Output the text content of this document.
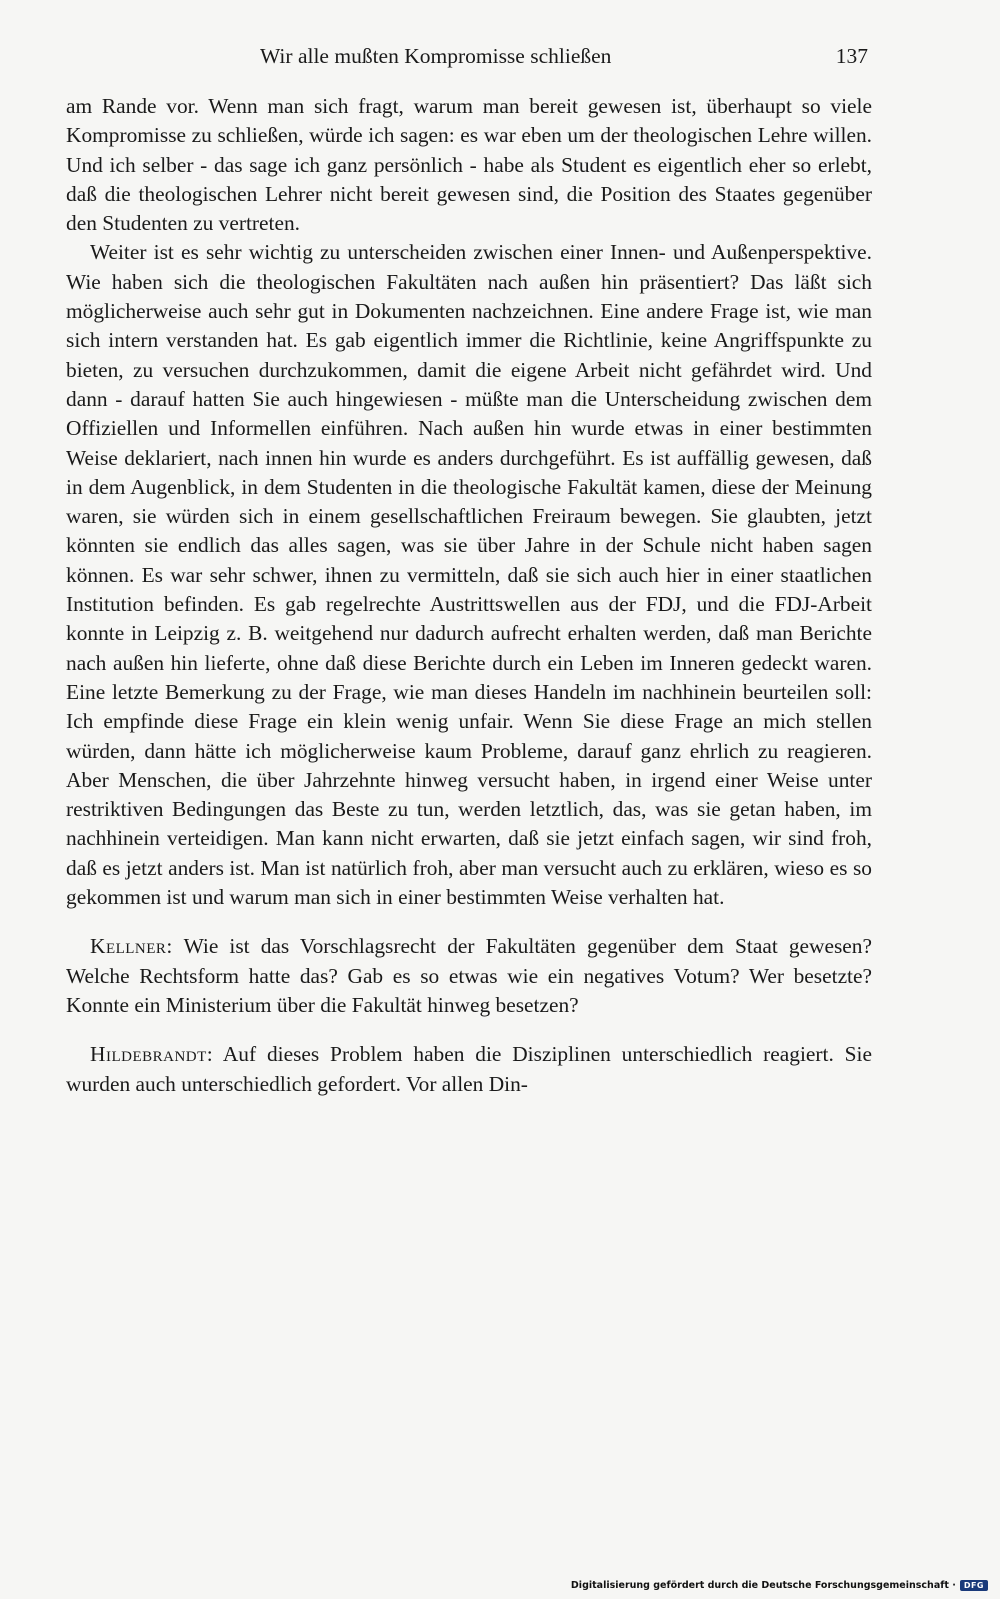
Wir alle mußten Kompromisse schließen	137

am Rande vor. Wenn man sich fragt, warum man bereit gewesen ist, überhaupt so viele Kompromisse zu schließen, würde ich sagen: es war eben um der theologischen Lehre willen. Und ich selber - das sage ich ganz persönlich - habe als Student es eigentlich eher so erlebt, daß die theologischen Lehrer nicht bereit gewesen sind, die Position des Staates gegenüber den Studenten zu vertreten.

Weiter ist es sehr wichtig zu unterscheiden zwischen einer Innen- und Außenperspektive. Wie haben sich die theologischen Fakultäten nach außen hin präsentiert? Das läßt sich möglicherweise auch sehr gut in Dokumenten nachzeichnen. Eine andere Frage ist, wie man sich intern verstanden hat. Es gab eigentlich immer die Richtlinie, keine Angriffspunkte zu bieten, zu versuchen durchzukommen, damit die eigene Arbeit nicht gefährdet wird. Und dann - darauf hatten Sie auch hingewiesen - müßte man die Unterscheidung zwischen dem Offiziellen und Informellen einführen. Nach außen hin wurde etwas in einer bestimmten Weise deklariert, nach innen hin wurde es anders durchgeführt. Es ist auffällig gewesen, daß in dem Augenblick, in dem Studenten in die theologische Fakultät kamen, diese der Meinung waren, sie würden sich in einem gesellschaftlichen Freiraum bewegen. Sie glaubten, jetzt könnten sie endlich das alles sagen, was sie über Jahre in der Schule nicht haben sagen können. Es war sehr schwer, ihnen zu vermitteln, daß sie sich auch hier in einer staatlichen Institution befinden. Es gab regelrechte Austrittswellen aus der FDJ, und die FDJ-Arbeit konnte in Leipzig z. B. weitgehend nur dadurch aufrecht erhalten werden, daß man Berichte nach außen hin lieferte, ohne daß diese Berichte durch ein Leben im Inneren gedeckt waren. Eine letzte Bemerkung zu der Frage, wie man dieses Handeln im nachhinein beurteilen soll: Ich empfinde diese Frage ein klein wenig unfair. Wenn Sie diese Frage an mich stellen würden, dann hätte ich möglicherweise kaum Probleme, darauf ganz ehrlich zu reagieren. Aber Menschen, die über Jahrzehnte hinweg versucht haben, in irgend einer Weise unter restriktiven Bedingungen das Beste zu tun, werden letztlich, das, was sie getan haben, im nachhinein verteidigen. Man kann nicht erwarten, daß sie jetzt einfach sagen, wir sind froh, daß es jetzt anders ist. Man ist natürlich froh, aber man versucht auch zu erklären, wieso es so gekommen ist und warum man sich in einer bestimmten Weise verhalten hat.

Kellner: Wie ist das Vorschlagsrecht der Fakultäten gegenüber dem Staat gewesen? Welche Rechtsform hatte das? Gab es so etwas wie ein negatives Votum? Wer besetzte? Konnte ein Ministerium über die Fakultät hinweg besetzen?

Hildebrandt: Auf dieses Problem haben die Disziplinen unterschiedlich reagiert. Sie wurden auch unterschiedlich gefordert. Vor allen Din-

Digitalisierung gefördert durch die Deutsche Forschungsgemeinschaft ·	DFG
